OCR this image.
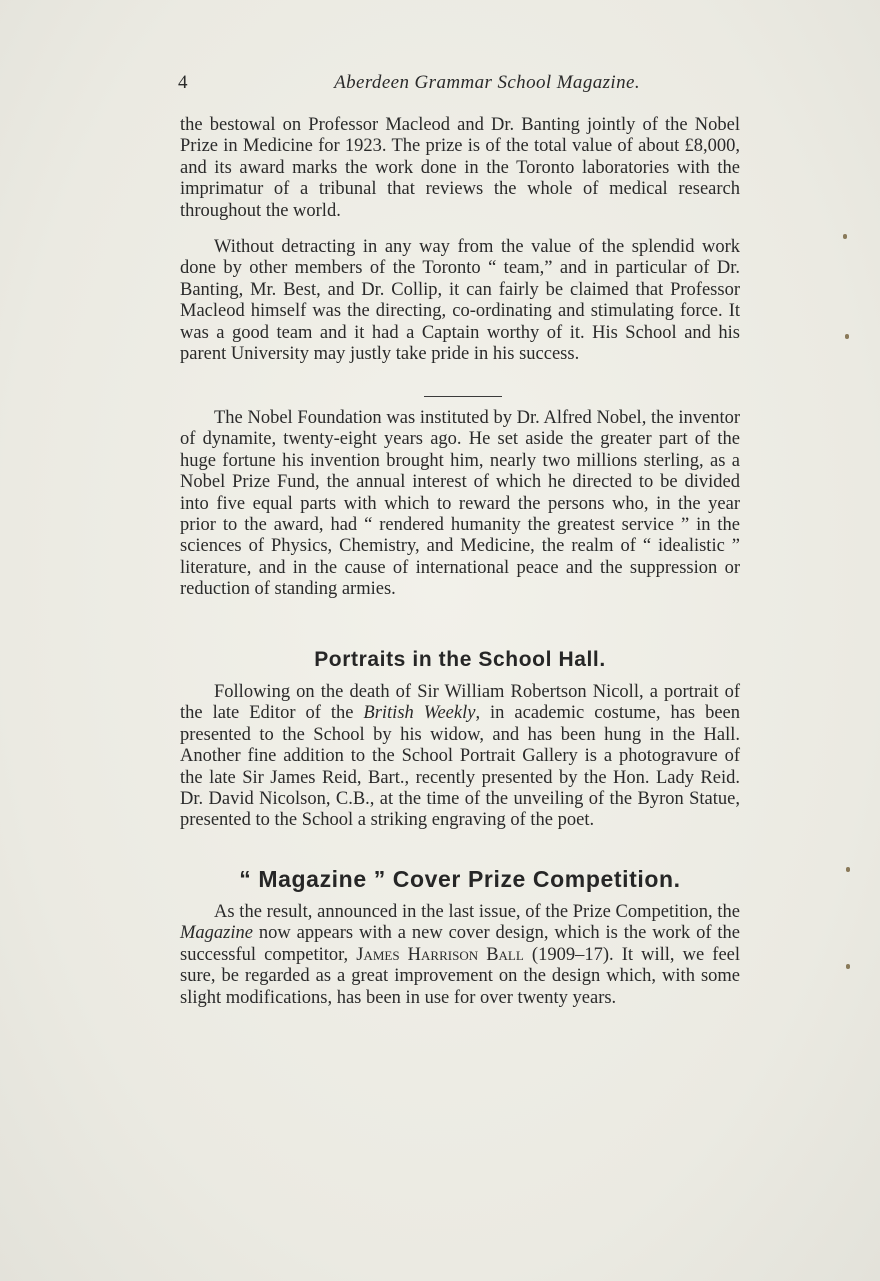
4	Aberdeen Grammar School Magazine.

the bestowal on Professor Macleod and Dr. Banting jointly of the Nobel Prize in Medicine for 1923. The prize is of the total value of about £8,000, and its award marks the work done in the Toronto laboratories with the imprimatur of a tribunal that reviews the whole of medical research throughout the world.

Without detracting in any way from the value of the splendid work done by other members of the Toronto “ team,” and in particular of Dr. Banting, Mr. Best, and Dr. Collip, it can fairly be claimed that Professor Macleod himself was the directing, co-ordinating and stimulating force. It was a good team and it had a Captain worthy of it. His School and his parent University may justly take pride in his success.

The Nobel Foundation was instituted by Dr. Alfred Nobel, the inventor of dynamite, twenty-eight years ago. He set aside the greater part of the huge fortune his invention brought him, nearly two millions sterling, as a Nobel Prize Fund, the annual interest of which he directed to be divided into five equal parts with which to reward the persons who, in the year prior to the award, had “ rendered humanity the greatest service ” in the sciences of Physics, Chemistry, and Medicine, the realm of “ idealistic ” literature, and in the cause of international peace and the suppression or reduction of standing armies.

Portraits in the School Hall.

Following on the death of Sir William Robertson Nicoll, a portrait of the late Editor of the British Weekly, in academic costume, has been presented to the School by his widow, and has been hung in the Hall. Another fine addition to the School Portrait Gallery is a photogravure of the late Sir James Reid, Bart., recently presented by the Hon. Lady Reid. Dr. David Nicolson, C.B., at the time of the unveiling of the Byron Statue, presented to the School a striking engraving of the poet.

“ Magazine ” Cover Prize Competition.

As the result, announced in the last issue, of the Prize Competition, the Magazine now appears with a new cover design, which is the work of the successful competitor, James Harrison Ball (1909–17). It will, we feel sure, be regarded as a great improvement on the design which, with some slight modifications, has been in use for over twenty years.
